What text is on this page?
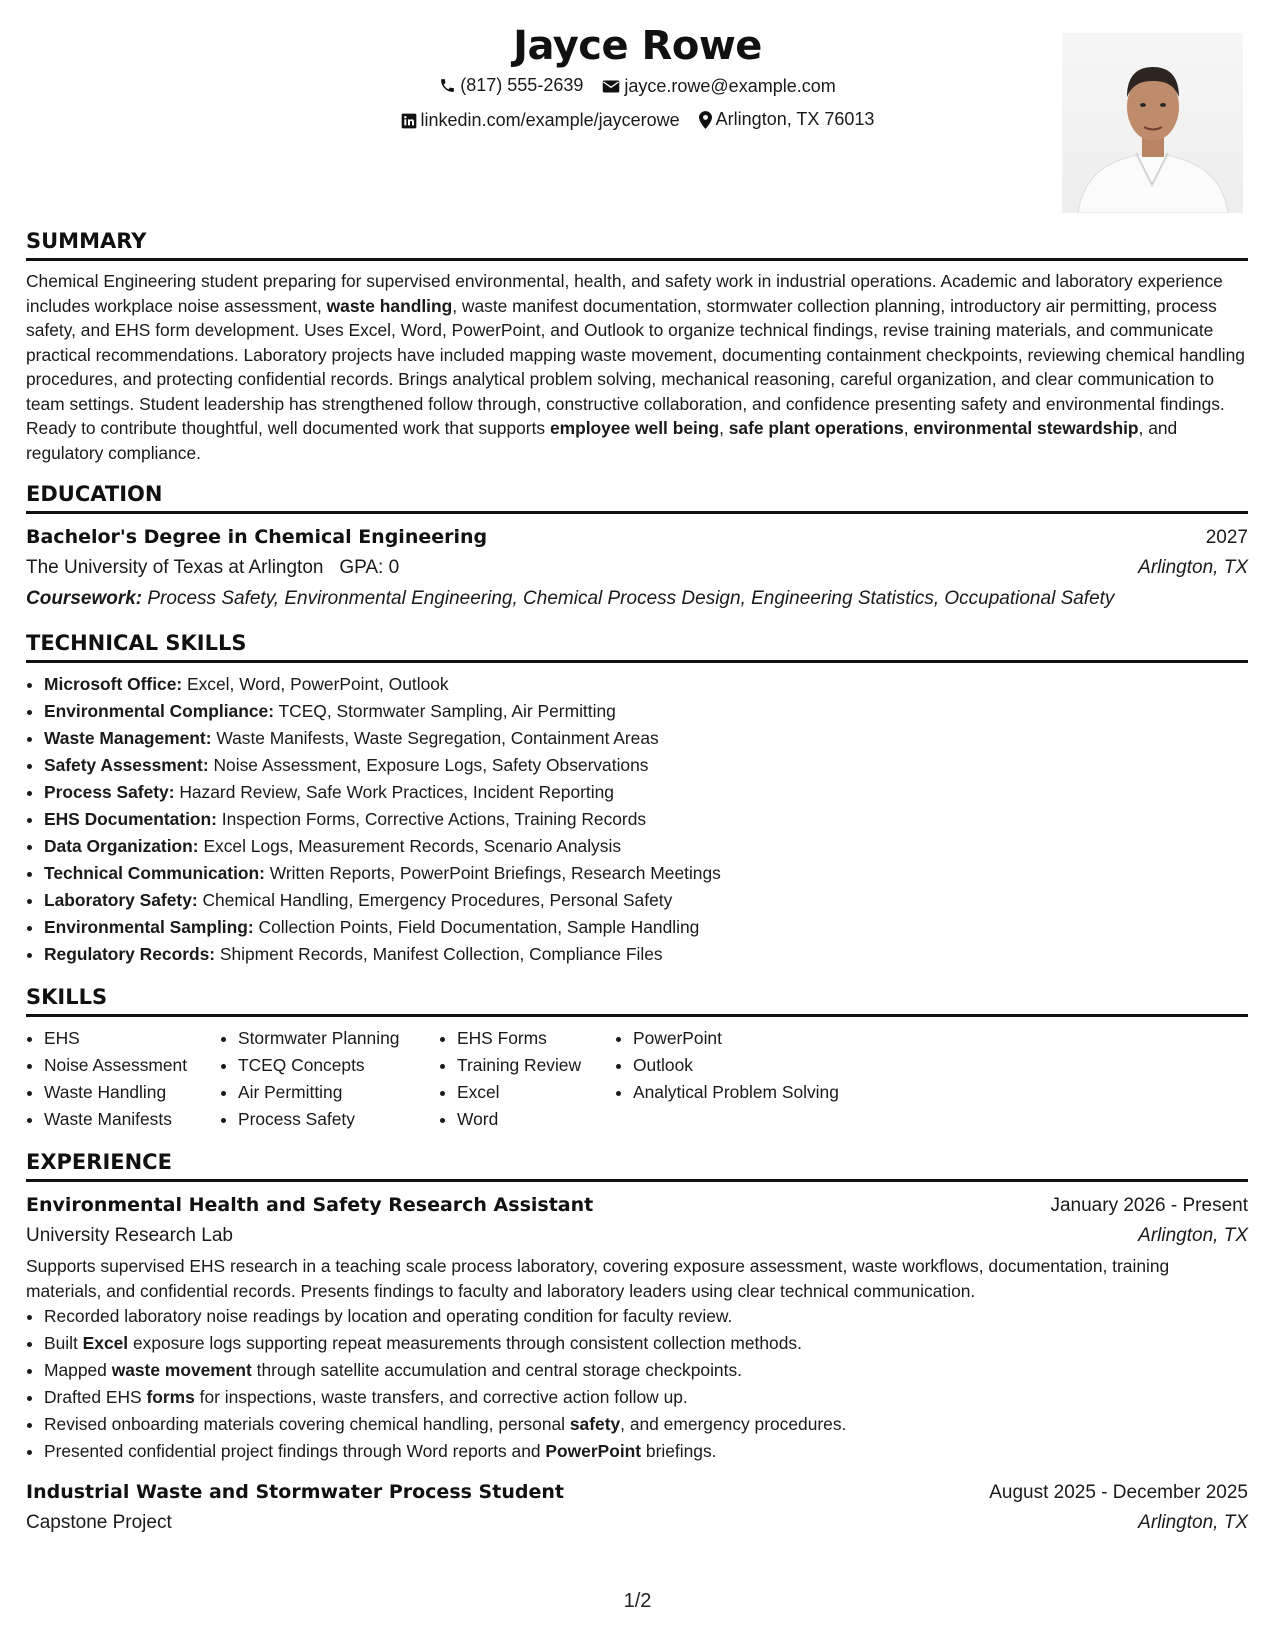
Jayce Rowe
(817) 555-2639
jayce.rowe@example.com
linkedin.com/example/jaycerowe
Arlington, TX 76013
SUMMARY

Chemical Engineering student preparing for supervised environmental, health, and safety work in industrial operations. Academic and laboratory experience includes workplace noise assessment, waste handling, waste manifest documentation, stormwater collection planning, introductory air permitting, process safety, and EHS form development. Uses Excel, Word, PowerPoint, and Outlook to organize technical findings, revise training materials, and communicate practical recommendations. Laboratory projects have included mapping waste movement, documenting containment checkpoints, reviewing chemical handling procedures, and protecting confidential records. Brings analytical problem solving, mechanical reasoning, careful organization, and clear communication to team settings. Student leadership has strengthened follow through, constructive collaboration, and confidence presenting safety and environmental findings. Ready to contribute thoughtful, well documented work that supports employee well being, safe plant operations, environmental stewardship, and regulatory compliance.

EDUCATION
Bachelor's Degree in Chemical Engineering	2027
The University of Texas at Arlington GPA: 0	Arlington, TX
Coursework: Process Safety, Environmental Engineering, Chemical Process Design, Engineering Statistics, Occupational Safety
TECHNICAL SKILLS
• Microsoft Office: Excel, Word, PowerPoint, Outlook
• Environmental Compliance: TCEQ, Stormwater Sampling, Air Permitting
• Waste Management: Waste Manifests, Waste Segregation, Containment Areas
• Safety Assessment: Noise Assessment, Exposure Logs, Safety Observations
• Process Safety: Hazard Review, Safe Work Practices, Incident Reporting
• EHS Documentation: Inspection Forms, Corrective Actions, Training Records
• Data Organization: Excel Logs, Measurement Records, Scenario Analysis
• Technical Communication: Written Reports, PowerPoint Briefings, Research Meetings
• Laboratory Safety: Chemical Handling, Emergency Procedures, Personal Safety
• Environmental Sampling: Collection Points, Field Documentation, Sample Handling
• Regulatory Records: Shipment Records, Manifest Collection, Compliance Files
SKILLS
• EHS
• Noise Assessment
• Waste Handling
• Waste Manifests
• Stormwater Planning
• TCEQ Concepts
• Air Permitting
• Process Safety
• EHS Forms
• Training Review
• Excel
• Word
• PowerPoint
• Outlook
• Analytical Problem Solving
EXPERIENCE
Environmental Health and Safety Research Assistant	January 2026 - Present
University Research Lab	Arlington, TX

Supports supervised EHS research in a teaching scale process laboratory, covering exposure assessment, waste workflows, documentation, training materials, and confidential records. Presents findings to faculty and laboratory leaders using clear technical communication.

• Recorded laboratory noise readings by location and operating condition for faculty review.
• Built Excel exposure logs supporting repeat measurements through consistent collection methods.
• Mapped waste movement through satellite accumulation and central storage checkpoints.
• Drafted EHS forms for inspections, waste transfers, and corrective action follow up.
• Revised onboarding materials covering chemical handling, personal safety, and emergency procedures.
• Presented confidential project findings through Word reports and PowerPoint briefings.
Industrial Waste and Stormwater Process Student	August 2025 - December 2025
Capstone Project	Arlington, TX
1/2
